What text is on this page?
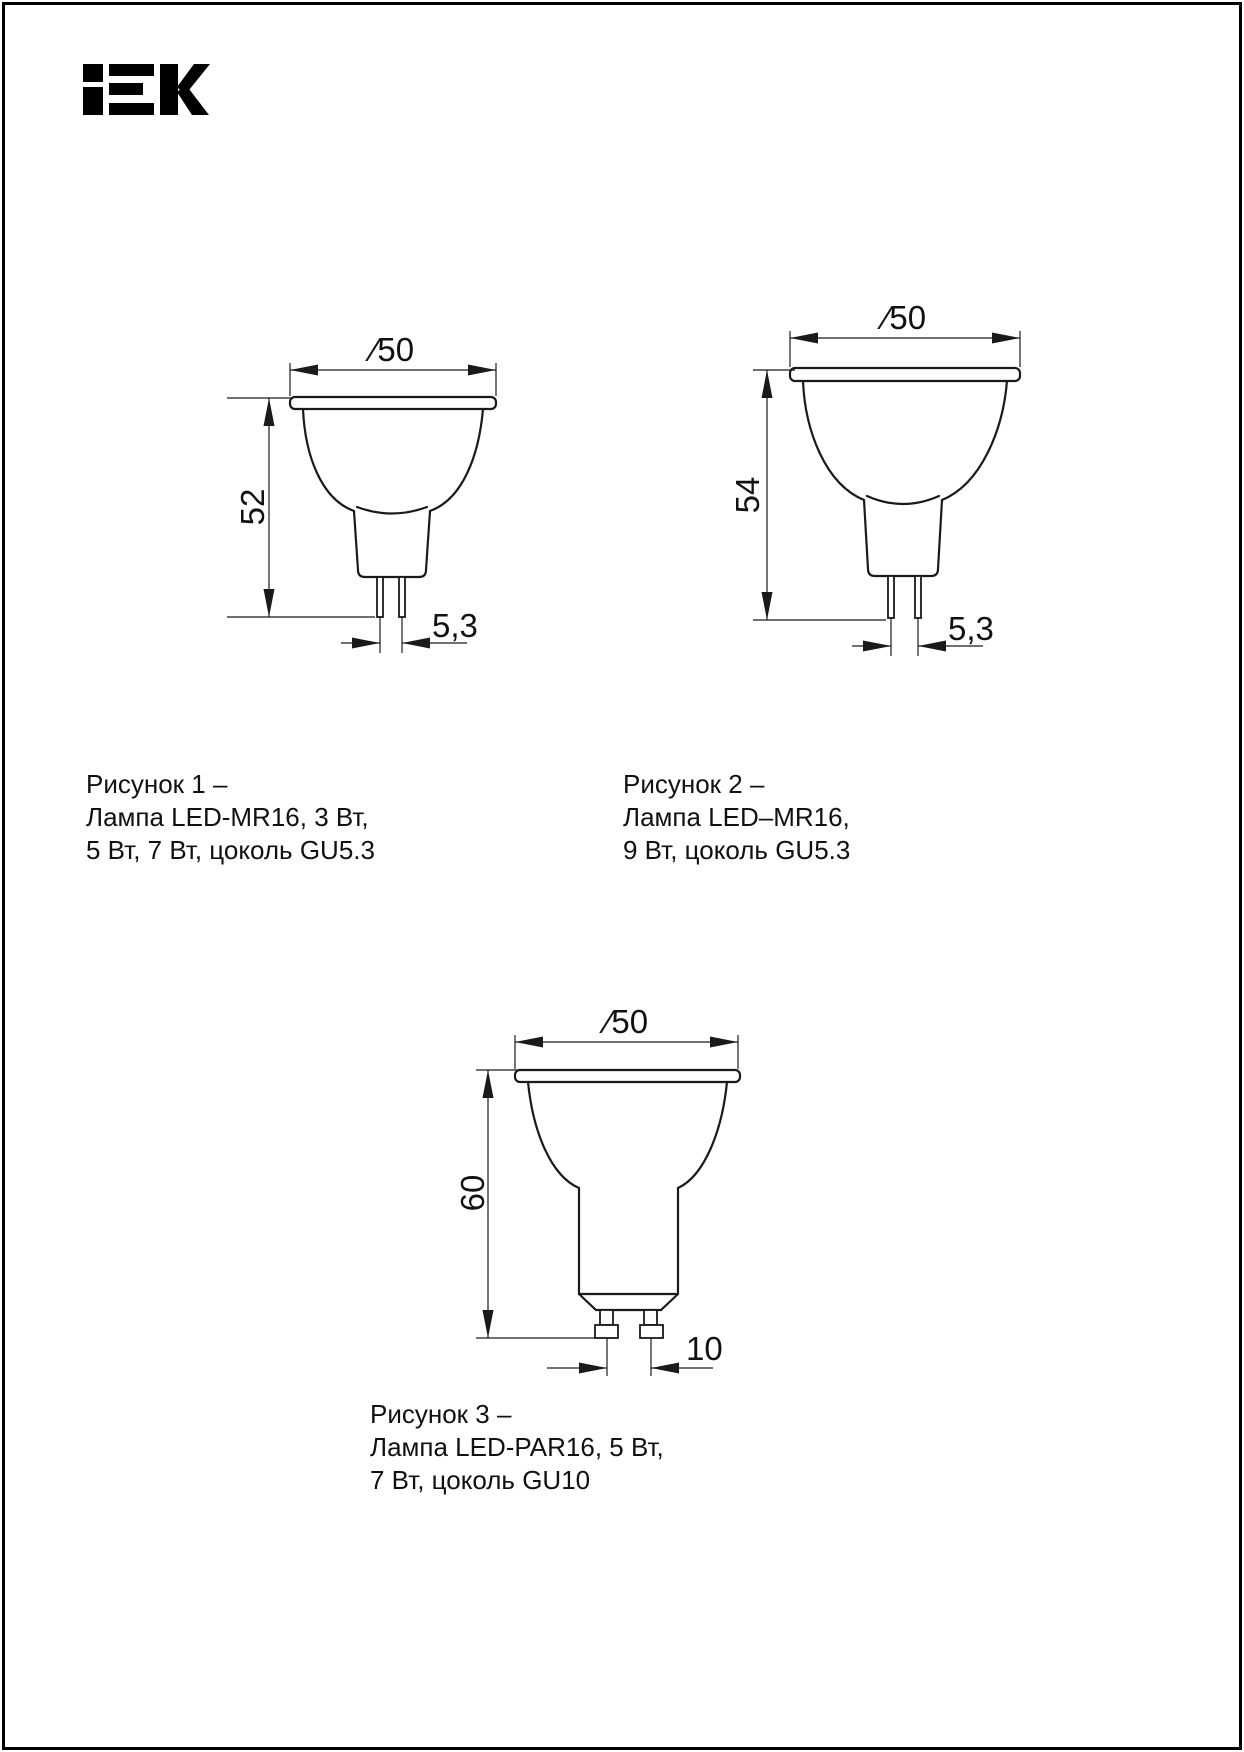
∕50
52
5,3
∕50
54
5,3
∕50
60
10
Рисунок 1 –
Лампа LED-MR16, 3 Вт,
5 Вт, 7 Вт, цоколь GU5.3
Рисунок 2 –
Лампа LED–MR16,
9 Вт, цоколь GU5.3
Рисунок 3 –
Лампа LED-PAR16, 5 Вт,
7 Вт, цоколь GU10
